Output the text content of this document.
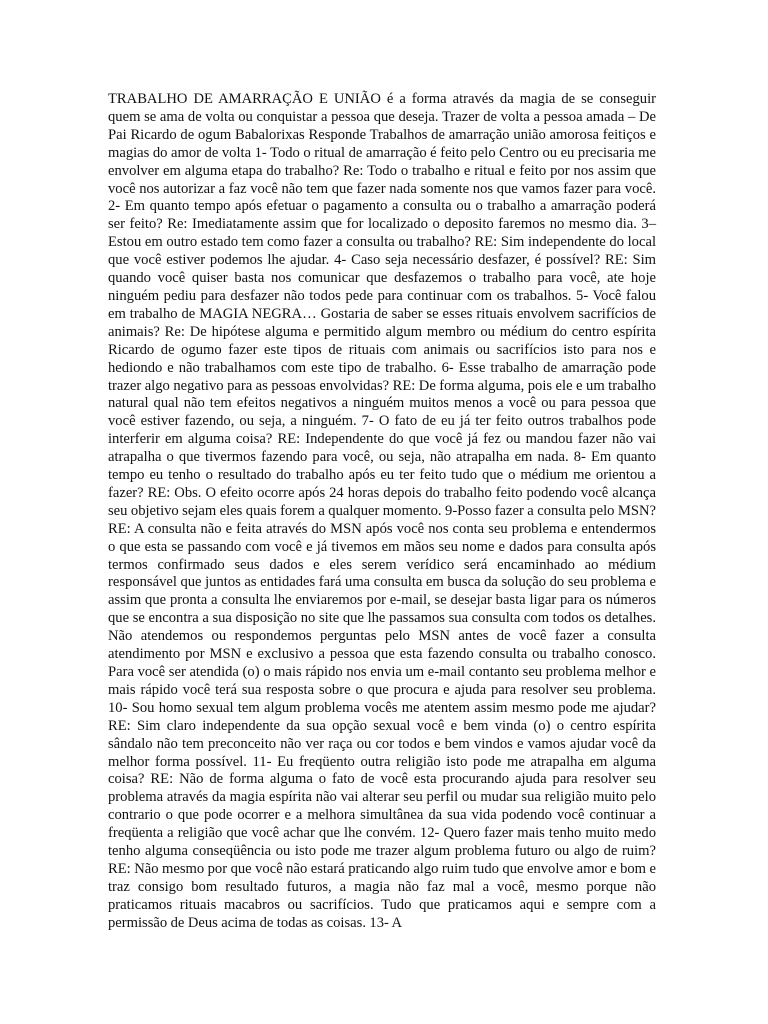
TRABALHO DE AMARRAÇÃO E UNIÃO é a forma através da magia de se conseguir quem se ama de volta ou conquistar a pessoa que deseja. Trazer de volta a pessoa amada – De Pai Ricardo de ogum Babalorixas Responde Trabalhos de amarração união amorosa feitiços e magias do amor de volta 1- Todo o ritual de amarração é feito pelo Centro ou eu precisaria me envolver em alguma etapa do trabalho? Re: Todo o trabalho e ritual e feito por nos assim que você nos autorizar a faz você não tem que fazer nada somente nos que vamos fazer para você. 2- Em quanto tempo após efetuar o pagamento a consulta ou o trabalho a amarração poderá ser feito? Re: Imediatamente assim que for localizado o deposito faremos no mesmo dia. 3– Estou em outro estado tem como fazer a consulta ou trabalho? RE: Sim independente do local que você estiver podemos lhe ajudar. 4- Caso seja necessário desfazer, é possível? RE: Sim quando você quiser basta nos comunicar que desfazemos o trabalho para você, ate hoje ninguém pediu para desfazer não todos pede para continuar com os trabalhos. 5- Você falou em trabalho de MAGIA NEGRA… Gostaria de saber se esses rituais envolvem sacrifícios de animais? Re: De hipótese alguma e permitido algum membro ou médium do centro espírita Ricardo de ogumo fazer este tipos de rituais com animais ou sacrifícios isto para nos e hediondo e não trabalhamos com este tipo de trabalho. 6- Esse trabalho de amarração pode trazer algo negativo para as pessoas envolvidas? RE: De forma alguma, pois ele e um trabalho natural qual não tem efeitos negativos a ninguém muitos menos a você ou para pessoa que você estiver fazendo, ou seja, a ninguém. 7- O fato de eu já ter feito outros trabalhos pode interferir em alguma coisa? RE: Independente do que você já fez ou mandou fazer não vai atrapalha o que tivermos fazendo para você, ou seja, não atrapalha em nada. 8- Em quanto tempo eu tenho o resultado do trabalho após eu ter feito tudo que o médium me orientou a fazer? RE: Obs. O efeito ocorre após 24 horas depois do trabalho feito podendo você alcança seu objetivo sejam eles quais forem a qualquer momento. 9-Posso fazer a consulta pelo MSN? RE: A consulta não e feita através do MSN após você nos conta seu problema e entendermos o que esta se passando com você e já tivemos em mãos seu nome e dados para consulta após termos confirmado seus dados e eles serem verídico será encaminhado ao médium responsável que juntos as entidades fará uma consulta em busca da solução do seu problema e assim que pronta a consulta lhe enviaremos por e-mail, se desejar basta ligar para os números que se encontra a sua disposição no site que lhe passamos sua consulta com todos os detalhes. Não atendemos ou respondemos perguntas pelo MSN antes de você fazer a consulta atendimento por MSN e exclusivo a pessoa que esta fazendo consulta ou trabalho conosco. Para você ser atendida (o) o mais rápido nos envia um e-mail contanto seu problema melhor e mais rápido você terá sua resposta sobre o que procura e ajuda para resolver seu problema. 10- Sou homo sexual tem algum problema vocês me atentem assim mesmo pode me ajudar? RE: Sim claro independente da sua opção sexual você e bem vinda (o) o centro espírita sândalo não tem preconceito não ver raça ou cor todos e bem vindos e vamos ajudar você da melhor forma possível. 11- Eu freqüento outra religião isto pode me atrapalha em alguma coisa? RE: Não de forma alguma o fato de você esta procurando ajuda para resolver seu problema através da magia espírita não vai alterar seu perfil ou mudar sua religião muito pelo contrario o que pode ocorrer e a melhora simultânea da sua vida podendo você continuar a freqüenta a religião que você achar que lhe convém. 12- Quero fazer mais tenho muito medo tenho alguma conseqüência ou isto pode me trazer algum problema futuro ou algo de ruim? RE: Não mesmo por que você não estará praticando algo ruim tudo que envolve amor e bom e traz consigo bom resultado futuros, a magia não faz mal a você, mesmo porque não praticamos rituais macabros ou sacrifícios. Tudo que praticamos aqui e sempre com a permissão de Deus acima de todas as coisas. 13- A
